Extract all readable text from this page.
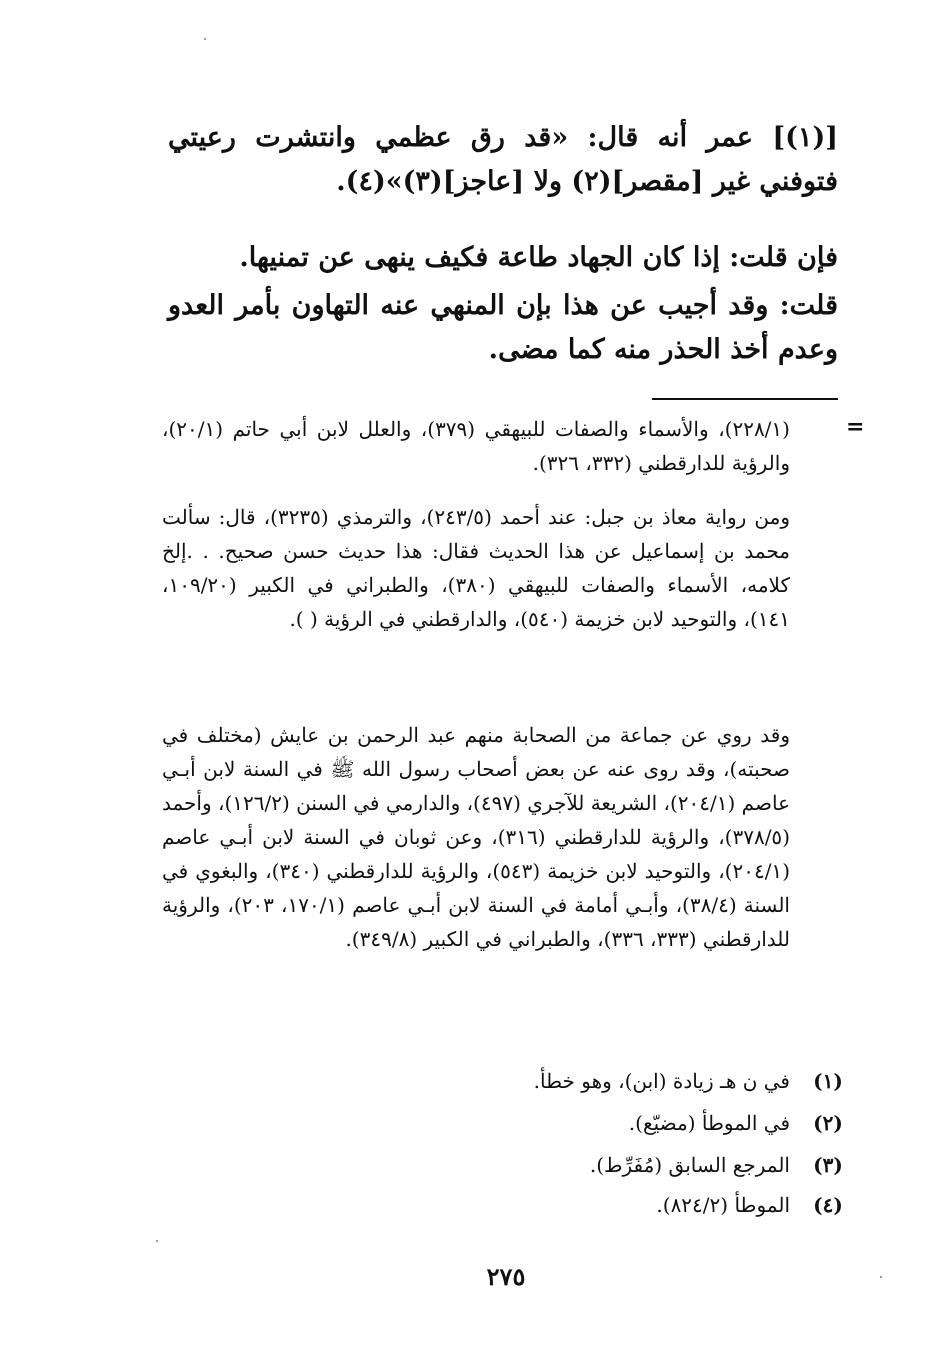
[(١)] عمر أنه قال: «قد رق عظمي وانتشرت رعيتي فتوفني غير [مقصر](٢) ولا [عاجز](٣)»(٤).

فإن قلت: إذا كان الجهاد طاعة فكيف ينهى عن تمنيها.

قلت: وقد أجيب عن هذا بإن المنهي عنه التهاون بأمر العدو وعدم أخذ الحذر منه كما مضى.

=

(٢٢٨/١)، والأسماء والصفات للبيهقي (٣٧٩)، والعلل لابن أبي حاتم (٢٠/١)، والرؤية للدارقطني (٣٣٢، ٣٢٦).

ومن رواية معاذ بن جبل: عند أحمد (٢٤٣/٥)، والترمذي (٣٢٣٥)، قال: سألت محمد بن إسماعيل عن هذا الحديث فقال: هذا حديث حسن صحيح. . .إلخ كلامه، الأسماء والصفات للبيهقي (٣٨٠)، والطبراني في الكبير (١٠٩/٢٠، ١٤١)، والتوحيد لابن خزيمة (٥٤٠)، والدارقطني في الرؤية ( ).

وقد روي عن جماعة من الصحابة منهم عبد الرحمن بن عايش (مختلف في صحبته)، وقد روى عنه عن بعض أصحاب رسول الله ﷺ في السنة لابن أبـي عاصم (٢٠٤/١)، الشريعة للآجري (٤٩٧)، والدارمي في السنن (١٢٦/٢)، وأحمد (٣٧٨/٥)، والرؤية للدارقطني (٣١٦)، وعن ثوبان في السنة لابن أبـي عاصم (٢٠٤/١)، والتوحيد لابن خزيمة (٥٤٣)، والرؤية للدارقطني (٣٤٠)، والبغوي في السنة (٣٨/٤)، وأبـي أمامة في السنة لابن أبـي عاصم (١٧٠/١، ٢٠٣)، والرؤية للدارقطني (٣٣٣، ٣٣٦)، والطبراني في الكبير (٣٤٩/٨).

(١)
في ن هـ زيادة (ابن)، وهو خطأ.
(٢)
في الموطأ (مضيّع).
(٣)
المرجع السابق (مُفَرِّط).
(٤)
الموطأ (٨٢٤/٢).
٢٧٥
